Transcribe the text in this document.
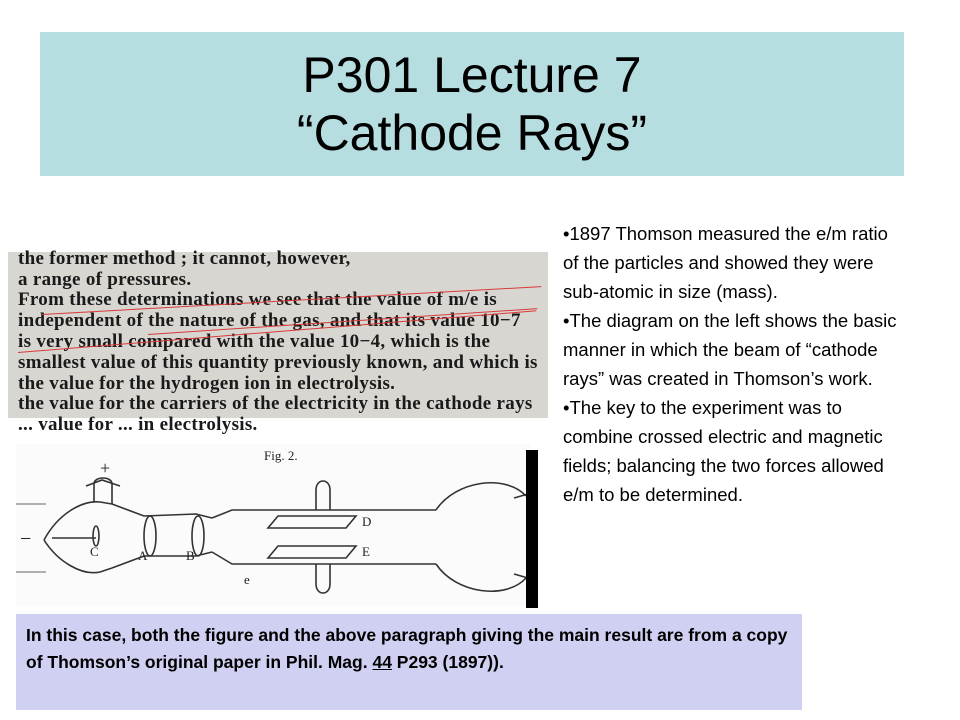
P301 Lecture 7
“Cathode Rays”
the former method ; it cannot, however,
a range of pressures.
From these determinations we see that the value of m/e is
independent of the nature of the gas, and that its value 10−7
is very small compared with the value 10−4, which is the
smallest value of this quantity previously known, and which is
the value for the hydrogen ion in electrolysis.
the value for the carriers of the electricity in the cathode rays
... value for ... in electrolysis.
Fig. 2.
+
−
C	A	B
D
E
e

•1897 Thomson measured the e/m ratio of the particles and showed they were sub-atomic in size (mass).

•The diagram on the left shows the basic manner in which the beam of “cathode rays” was created in Thomson’s work.

•The key to the experiment was to combine crossed electric and magnetic fields; balancing the two forces allowed e/m to be determined.

In this case, both the figure and the above paragraph giving the main result are from a copy of Thomson’s original paper in Phil. Mag. 44 P293 (1897)).
